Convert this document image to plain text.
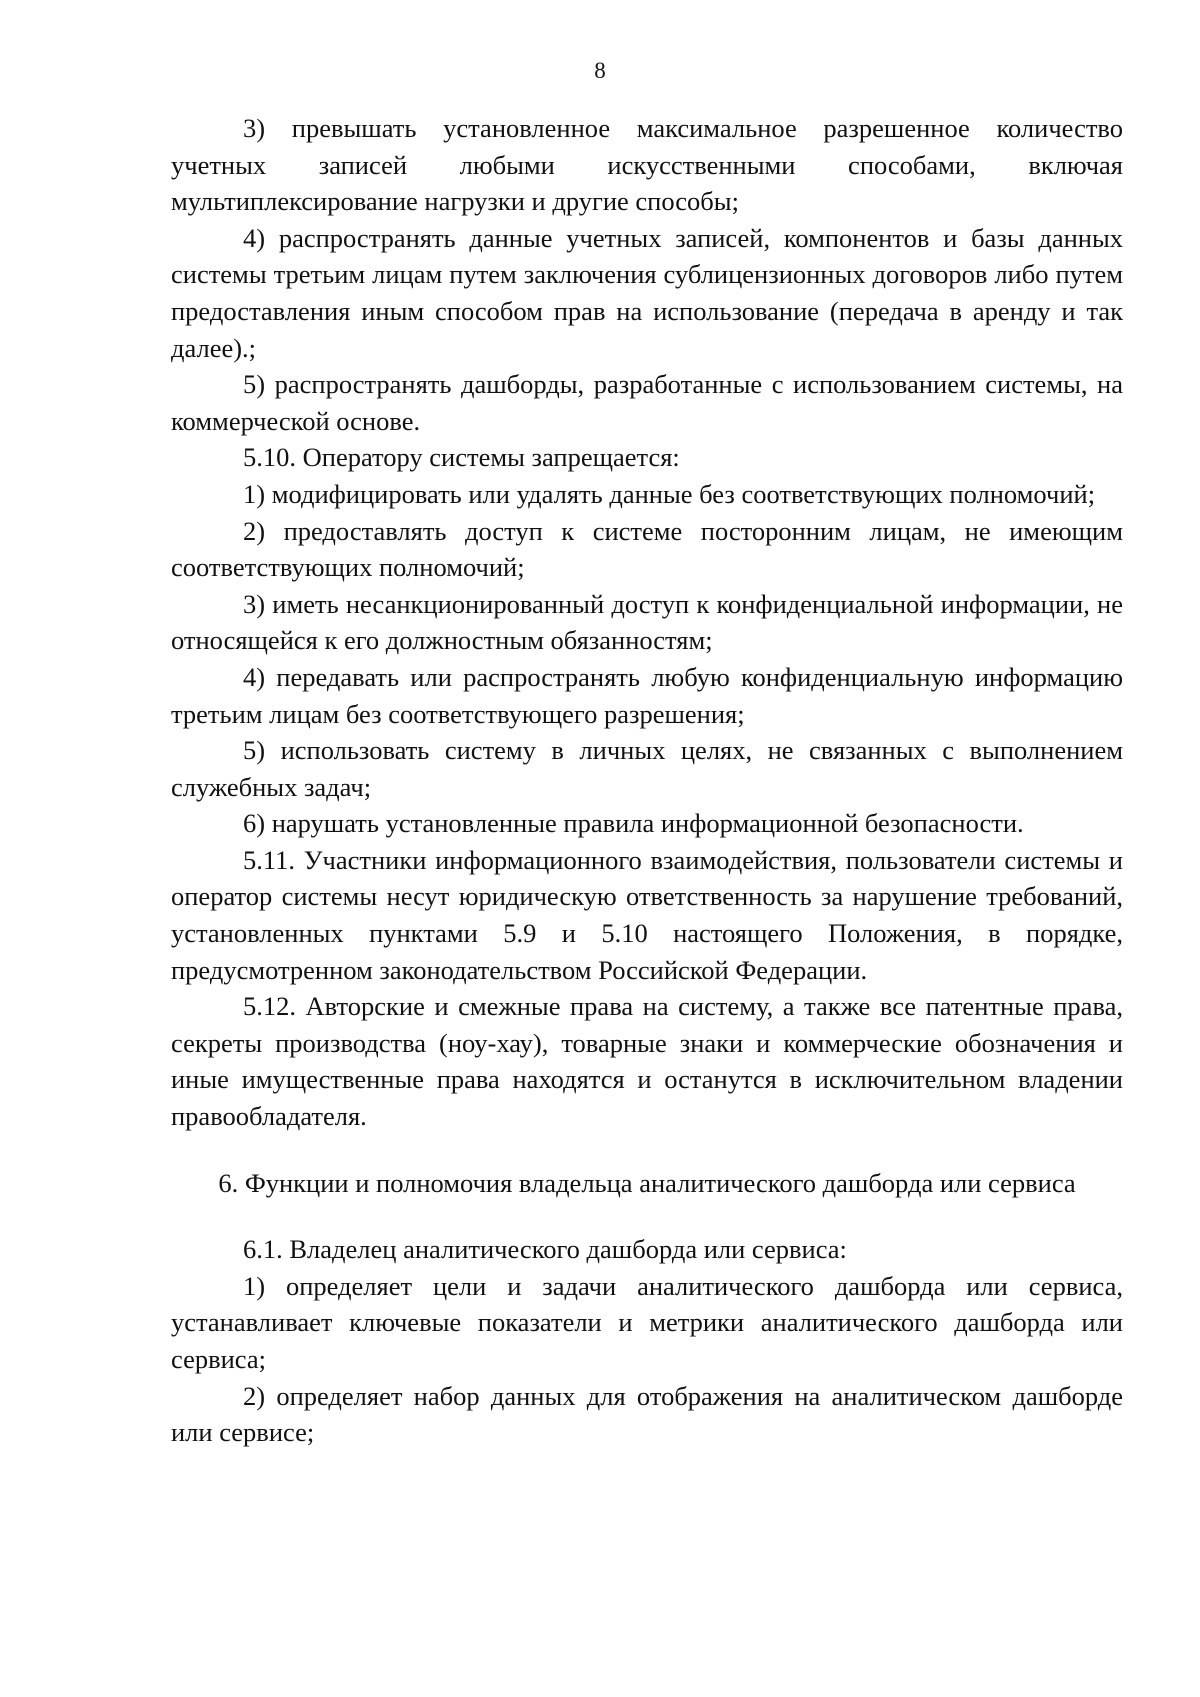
8

3) превышать установленное максимальное разрешенное количество учетных записей любыми искусственными способами, включая мультиплексирование нагрузки и другие способы;

4) распространять данные учетных записей, компонентов и базы данных системы третьим лицам путем заключения сублицензионных договоров либо путем предоставления иным способом прав на использование (передача в аренду и так далее).;

5) распространять дашборды, разработанные с использованием системы, на коммерческой основе.

5.10. Оператору системы запрещается:

1) модифицировать или удалять данные без соответствующих полномочий;

2) предоставлять доступ к системе посторонним лицам, не имеющим соответствующих полномочий;

3) иметь несанкционированный доступ к конфиденциальной информации, не относящейся к его должностным обязанностям;

4) передавать или распространять любую конфиденциальную информацию третьим лицам без соответствующего разрешения;

5) использовать систему в личных целях, не связанных с выполнением служебных задач;

6) нарушать установленные правила информационной безопасности.

5.11. Участники информационного взаимодействия, пользователи системы и оператор системы несут юридическую ответственность за нарушение требований, установленных пунктами 5.9 и 5.10 настоящего Положения, в порядке, предусмотренном законодательством Российской Федерации.

5.12. Авторские и смежные права на систему, а также все патентные права, секреты производства (ноу-хау), товарные знаки и коммерческие обозначения и иные имущественные права находятся и останутся в исключительном владении правообладателя.

6. Функции и полномочия владельца аналитического дашборда или сервиса

6.1. Владелец аналитического дашборда или сервиса:

1) определяет цели и задачи аналитического дашборда или сервиса, устанавливает ключевые показатели и метрики аналитического дашборда или сервиса;

2) определяет набор данных для отображения на аналитическом дашборде или сервисе;
